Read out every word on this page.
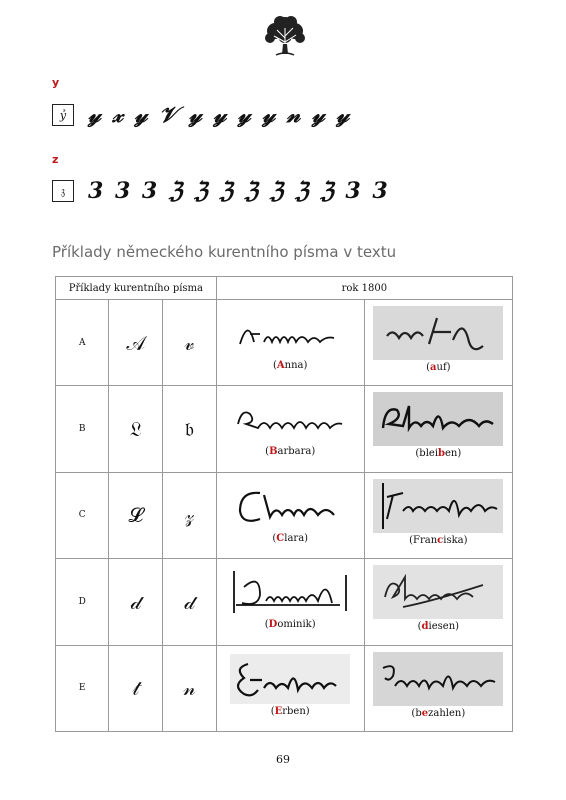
y
ỷ 𝓎 𝓍 𝓎 𝒱 𝓎 𝓎 𝓎 𝓎 𝓃 𝓎 𝓎
z
𝔷 3 3 3 ℨ ℨ ℨ ℨ ℨ ℨ ℨ 3 3
Příklady německého kurentního písma v textu
Příklady kurentního písma			rok 1800	
A	𝒜	𝓋	(Anna)	(auf)

B	𝔏	𝔟	(Barbara)	(bleiben)

C	𝓛	𝓏	(Clara)	(Franciska)

D	𝒹	𝒹	(Dominik)	(diesen)

E	𝓉	𝓃	(Erben)	(bezahlen)
69
